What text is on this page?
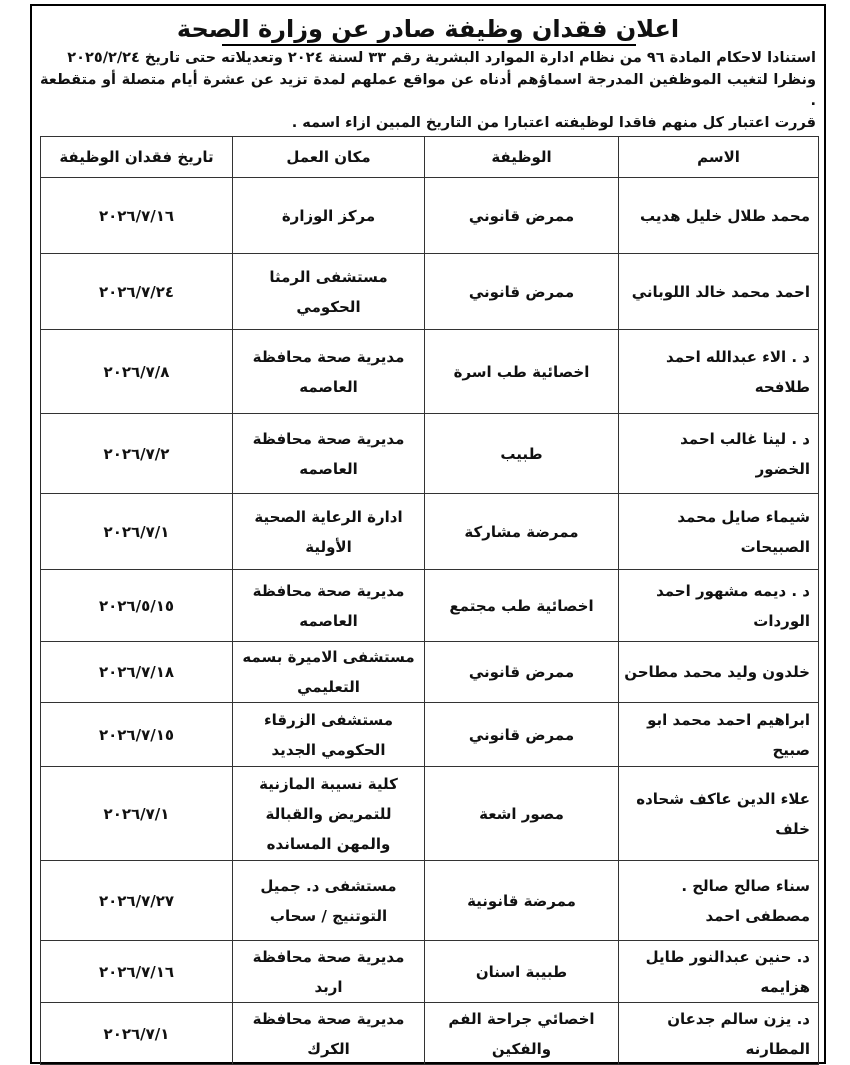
اعلان فقدان وظيفة صادر عن وزارة الصحة

استنادا لاحكام المادة ٩٦ من نظام ادارة الموارد البشرية رقم ٣٣ لسنة ٢٠٢٤ وتعديلاته حتى تاريخ ٢٠٢٥/٢/٢٤

ونظرا لتغيب الموظفين المدرجة اسماؤهم أدناه عن مواقع عملهم لمدة تزيد عن عشرة أيام متصلة أو متقطعة .

قررت اعتبار كل منهم فاقدا لوظيفته اعتبارا من التاريخ المبين ازاء اسمه .

الاسم	الوظيفة	مكان العمل	تاريخ فقدان الوظيفة
محمد طلال خليل هديب	ممرض قانوني	مركز الوزارة	٢٠٢٦/٧/١٦
احمد محمد خالد اللوباني	ممرض قانوني	مستشفى الرمثا الحكومي	٢٠٢٦/٧/٢٤
د . الاء عبدالله احمد طلافحه	اخصائية طب اسرة	مديرية صحة محافظة العاصمه	٢٠٢٦/٧/٨
د . لينا غالب احمد الخضور	طبيب	مديرية صحة محافظة العاصمه	٢٠٢٦/٧/٢
شيماء صايل محمد الصبيحات	ممرضة مشاركة	ادارة الرعاية الصحية الأولية	٢٠٢٦/٧/١
د . ديمه مشهور احمد الوردات	اخصائية طب مجتمع	مديرية صحة محافظة العاصمه	٢٠٢٦/٥/١٥
خلدون وليد محمد مطاحن	ممرض قانوني	مستشفى الاميرة بسمه التعليمي	٢٠٢٦/٧/١٨
ابراهيم احمد محمد ابو صبيح	ممرض قانوني	مستشفى الزرقاء الحكومي الجديد	٢٠٢٦/٧/١٥
علاء الدين عاكف شحاده خلف	مصور اشعة	كلية نسيبة المازنية للتمريض والقبالة والمهن المسانده	٢٠٢٦/٧/١
سناء صالح صالح . مصطفى احمد	ممرضة قانونية	مستشفى د. جميل التوتنيج / سحاب	٢٠٢٦/٧/٢٧
د. حنين عبدالنور طايل هزايمه	طبيبة اسنان	مديرية صحة محافظة اربد	٢٠٢٦/٧/١٦
د. يزن سالم جدعان المطارنه	اخصائي جراحة الفم والفكين	مديرية صحة محافظة الكرك	٢٠٢٦/٧/١
